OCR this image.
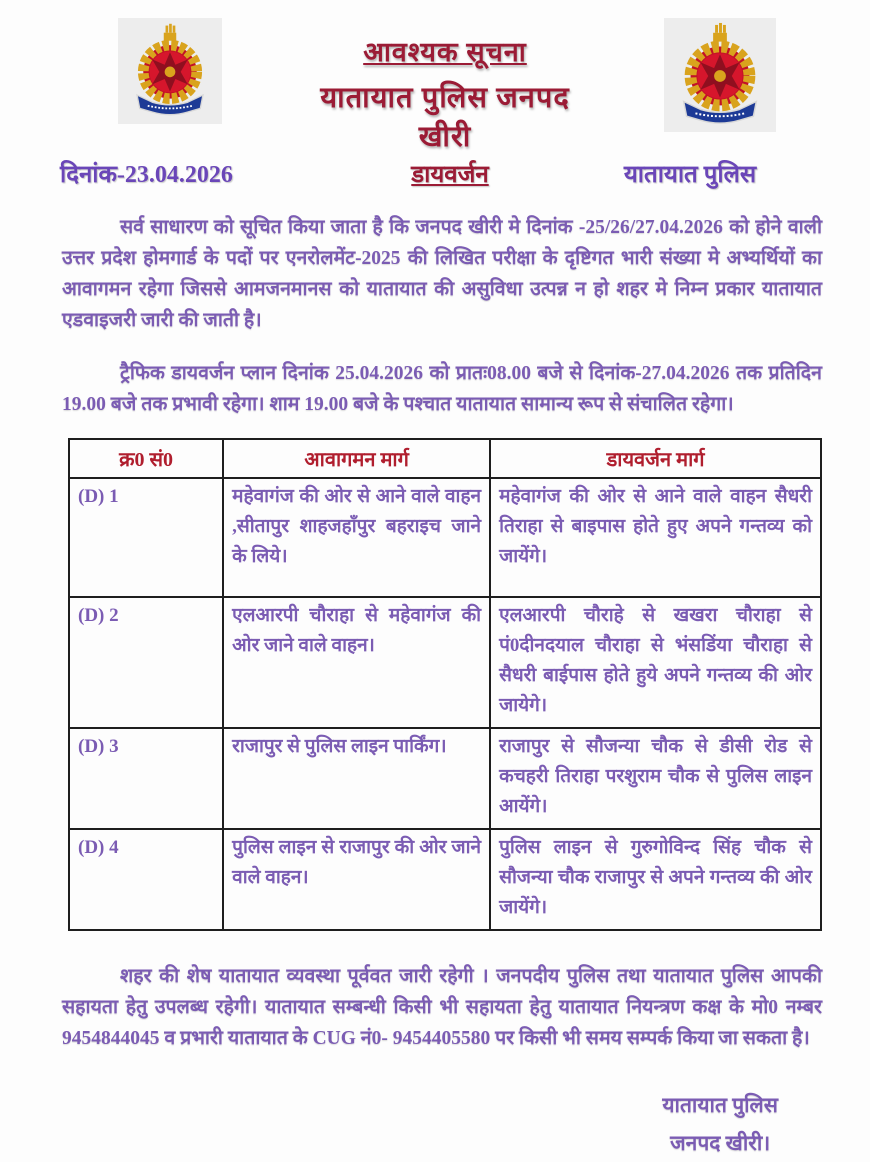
आवश्यक सूचना
यातायात पुलिस जनपद खीरी
दिनांक-23.04.2026	डायवर्जन	यातायात पुलिस

सर्व साधारण को सूचित किया जाता है कि जनपद खीरी मे दिनांक -25/26/27.04.2026 को होने वाली उत्तर प्रदेश होमगार्ड के पदों पर एनरोलमेंट-2025 की लिखित परीक्षा के दृष्टिगत भारी संख्या मे अभ्यर्थियों का आवागमन रहेगा जिससे आमजनमानस को यातायात की असुविधा उत्पन्न न हो शहर मे निम्न प्रकार यातायात एडवाइजरी जारी की जाती है।

ट्रैफिक डायवर्जन प्लान दिनांक 25.04.2026 को प्रातः08.00 बजे से दिनांक-27.04.2026 तक प्रतिदिन 19.00 बजे तक प्रभावी रहेगा। शाम 19.00 बजे के पश्चात यातायात सामान्य रूप से संचालित रहेगा।

क्र0 सं0	आवागमन मार्ग	डायवर्जन मार्ग
(D) 1	महेवागंज की ओर से आने वाले वाहन ,सीतापुर शाहजहाँपुर बहराइच जाने के लिये।	महेवागंज की ओर से आने वाले वाहन सैधरी तिराहा से बाइपास होते हुए अपने गन्तव्य को जायेंगे।
(D) 2	एलआरपी चौराहा से महेवागंज की ओर जाने वाले वाहन।	एलआरपी चौराहे से खखरा चौराहा से पं0दीनदयाल चौराहा से भंसडिंया चौराहा से सैधरी बाईपास होते हुये अपने गन्तव्य की ओर जायेगे।
(D) 3	राजापुर से पुलिस लाइन पार्किंग।	राजापुर से सौजन्या चौक से डीसी रोड से कचहरी तिराहा परशुराम चौक से पुलिस लाइन आयेंगे।
(D) 4	पुलिस लाइन से राजापुर की ओर जाने वाले वाहन।	पुलिस लाइन से गुरुगोविन्द सिंह चौक से सौजन्या चौक राजापुर से अपने गन्तव्य की ओर जायेंगे।

शहर की शेष यातायात व्यवस्था पूर्ववत जारी रहेगी । जनपदीय पुलिस तथा यातायात पुलिस आपकी सहायता हेतु उपलब्ध रहेगी। यातायात सम्बन्धी किसी भी सहायता हेतु यातायात नियन्त्रण कक्ष के मो0 नम्बर 9454844045 व प्रभारी यातायात के CUG नं0- 9454405580 पर किसी भी समय सम्पर्क किया जा सकता है।

यातायात पुलिस
जनपद खीरी।
